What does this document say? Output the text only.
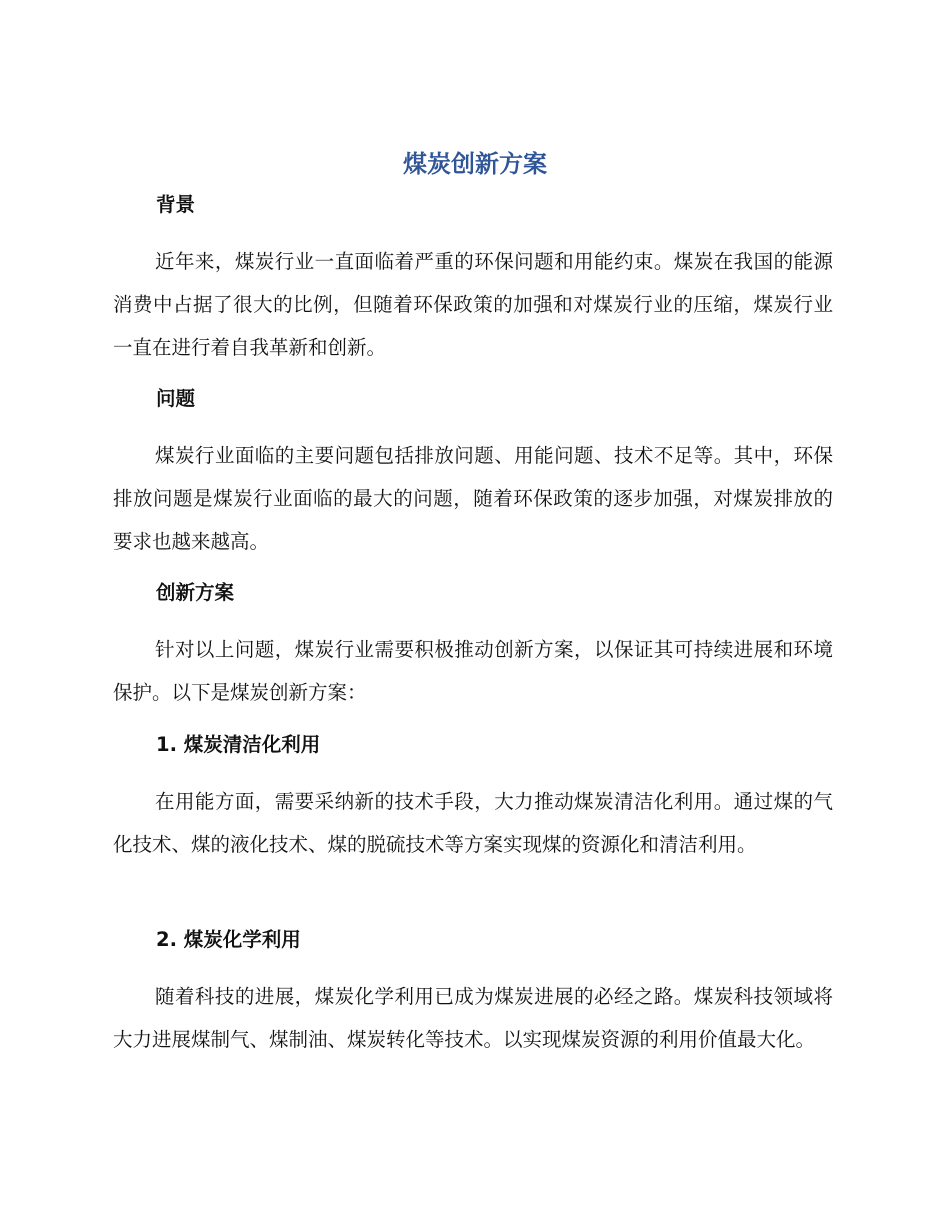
煤炭创新方案
背景

近年来，煤炭行业一直面临着严重的环保问题和用能约束。煤炭在我国的能源消费中占据了很大的比例，但随着环保政策的加强和对煤炭行业的压缩，煤炭行业一直在进行着自我革新和创新。

问题

煤炭行业面临的主要问题包括排放问题、用能问题、技术不足等。其中，环保排放问题是煤炭行业面临的最大的问题，随着环保政策的逐步加强，对煤炭排放的要求也越来越高。

创新方案

针对以上问题，煤炭行业需要积极推动创新方案，以保证其可持续进展和环境保护。以下是煤炭创新方案：

1. 煤炭清洁化利用

在用能方面，需要采纳新的技术手段，大力推动煤炭清洁化利用。通过煤的气化技术、煤的液化技术、煤的脱硫技术等方案实现煤的资源化和清洁利用。

2. 煤炭化学利用

随着科技的进展，煤炭化学利用已成为煤炭进展的必经之路。煤炭科技领域将大力进展煤制气、煤制油、煤炭转化等技术。以实现煤炭资源的利用价值最大化。
